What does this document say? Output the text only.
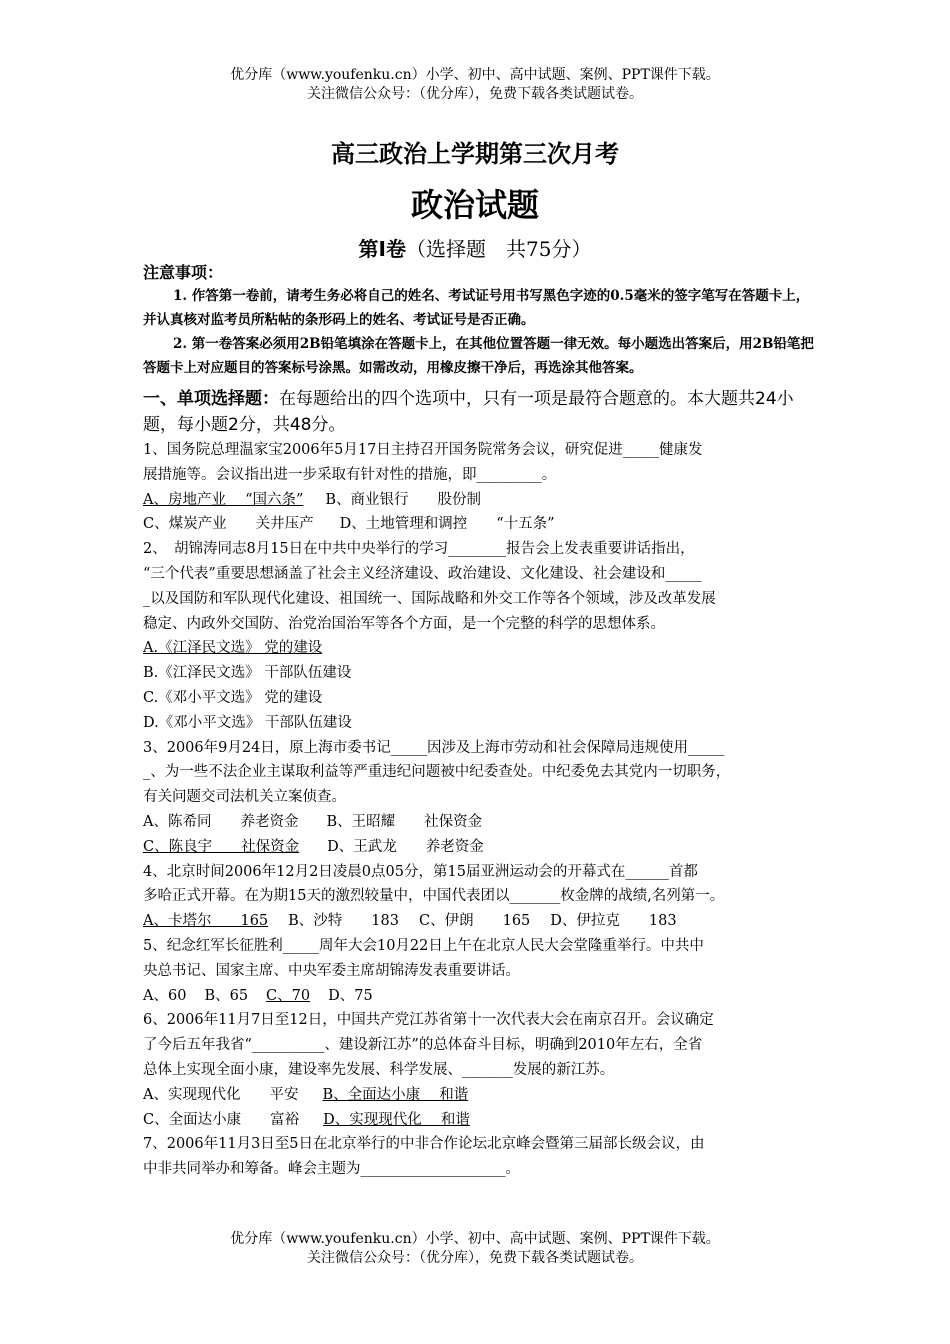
优分库（www.youfenku.cn）小学、初中、高中试题、案例、PPT课件下载。
关注微信公众号：（优分库），免费下载各类试题试卷。
高三政治上学期第三次月考
政治试题
第Ⅰ卷（选择题　共75分）
注意事项：

1. 作答第一卷前，请考生务必将自己的姓名、考试证号用书写黑色字迹的0.5毫米的签字笔写在答题卡上，并认真核对监考员所粘帖的条形码上的姓名、考试证号是否正确。

2. 第一卷答案必须用2B铅笔填涂在答题卡上，在其他位置答题一律无效。每小题选出答案后，用2B铅笔把答题卡上对应题目的答案标号涂黑。如需改动，用橡皮擦干净后，再选涂其他答案。

一、单项选择题：在每题给出的四个选项中，只有一项是最符合题意的。本大题共24小题，每小题2分，共48分。
1、国务院总理温家宝2006年5月17日主持召开国务院常务会议，研究促进_____健康发
展措施等。会议指出进一步采取有针对性的措施，即_________。
A、房地产业　 “国六条” B、商业银行　　股份制
C、煤炭产业　　关井压产 D、土地管理和调控　　“十五条”
2、　胡锦涛同志8月15日在中共中央举行的学习________报告会上发表重要讲话指出，
“三个代表”重要思想涵盖了社会主义经济建设、政治建设、文化建设、社会建设和_____
_以及国防和军队现代化建设、祖国统一、国际战略和外交工作等各个领域，涉及改革发展
稳定、内政外交国防、治党治国治军等各个方面，是一个完整的科学的思想体系。
A.《江泽民文选》 党的建设
B.《江泽民文选》 干部队伍建设
C.《邓小平文选》 党的建设
D.《邓小平文选》 干部队伍建设
3、2006年9月24日，原上海市委书记_____因涉及上海市劳动和社会保障局违规使用_____
_、为一些不法企业主谋取利益等严重违纪问题被中纪委查处。中纪委免去其党内一切职务，
有关问题交司法机关立案侦查。
A、陈希同　　养老资金 B、王昭耀　　社保资金
C、陈良宇　　社保资金 D、王武龙　　养老资金
4、北京时间2006年12月2日凌晨0点05分，第15届亚洲运动会的开幕式在______首都
多哈正式开幕。在为期15天的激烈较量中，中国代表团以_______枚金牌的战绩,名列第一。
A、卡塔尔　　165 B、沙特　　183 C、伊朗　　165 D、伊拉克　　183
5、纪念红军长征胜利_____周年大会10月22日上午在北京人民大会堂隆重举行。中共中
央总书记、国家主席、中央军委主席胡锦涛发表重要讲话。
A、60 B、65 C、70 D、75
6、2006年11月7日至12日，中国共产党江苏省第十一次代表大会在南京召开。会议确定
了今后五年我省“__________、建设新江苏”的总体奋斗目标，明确到2010年左右，全省
总体上实现全面小康，建设率先发展、科学发展、_______发展的新江苏。
A、实现现代化　　平安 B、全面达小康　 和谐
C、全面达小康　　富裕 D、实现现代化　 和谐
7、2006年11月3日至5日在北京举行的中非合作论坛北京峰会暨第三届部长级会议，由
中非共同举办和筹备。峰会主题为____________________。
优分库（www.youfenku.cn）小学、初中、高中试题、案例、PPT课件下载。
关注微信公众号：（优分库），免费下载各类试题试卷。
